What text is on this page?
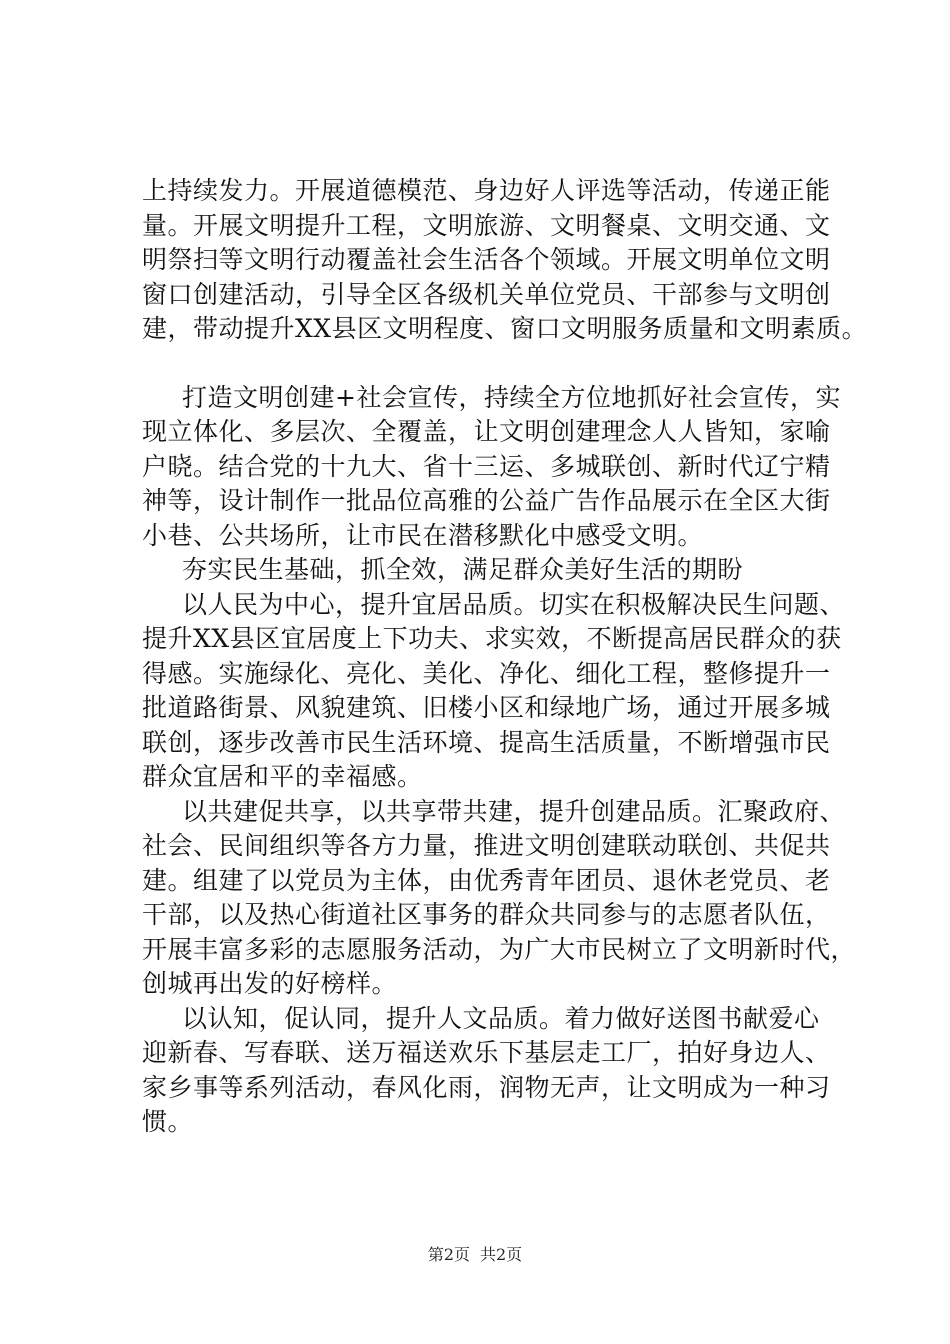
上持续发力。开展道德模范、身边好人评选等活动，传递正能
量。开展文明提升工程，文明旅游、文明餐桌、文明交通、文
明祭扫等文明行动覆盖社会生活各个领域。开展文明单位文明
窗口创建活动，引导全区各级机关单位党员、干部参与文明创
建，带动提升XX县区文明程度、窗口文明服务质量和文明素质。
打造文明创建+社会宣传，持续全方位地抓好社会宣传，实
现立体化、多层次、全覆盖，让文明创建理念人人皆知，家喻
户晓。结合党的十九大、省十三运、多城联创、新时代辽宁精
神等，设计制作一批品位高雅的公益广告作品展示在全区大街
小巷、公共场所，让市民在潜移默化中感受文明。
夯实民生基础，抓全效，满足群众美好生活的期盼
以人民为中心，提升宜居品质。切实在积极解决民生问题、
提升XX县区宜居度上下功夫、求实效，不断提高居民群众的获
得感。实施绿化、亮化、美化、净化、细化工程，整修提升一
批道路街景、风貌建筑、旧楼小区和绿地广场，通过开展多城
联创，逐步改善市民生活环境、提高生活质量，不断增强市民
群众宜居和平的幸福感。
以共建促共享，以共享带共建，提升创建品质。汇聚政府、
社会、民间组织等各方力量，推进文明创建联动联创、共促共
建。组建了以党员为主体，由优秀青年团员、退休老党员、老
干部，以及热心街道社区事务的群众共同参与的志愿者队伍，
开展丰富多彩的志愿服务活动，为广大市民树立了文明新时代，
创城再出发的好榜样。
以认知，促认同，提升人文品质。着力做好送图书献爱心
迎新春、写春联、送万福送欢乐下基层走工厂，拍好身边人、
家乡事等系列活动，春风化雨，润物无声，让文明成为一种习
惯。
第2页 共2页
